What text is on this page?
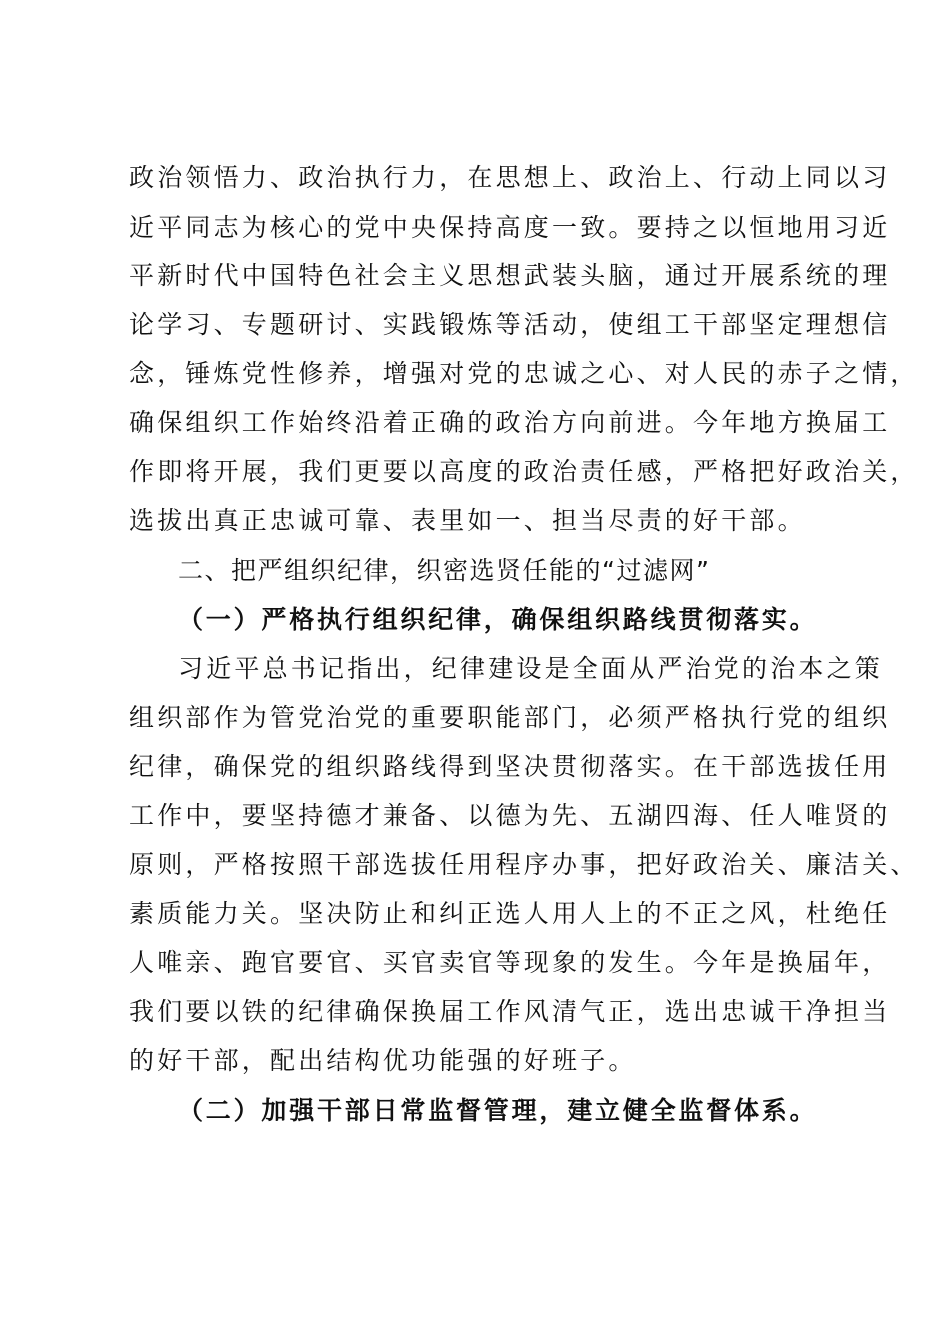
政治领悟力、政治执行力，在思想上、政治上、行动上同以习
近平同志为核心的党中央保持高度一致。要持之以恒地用习近
平新时代中国特色社会主义思想武装头脑，通过开展系统的理
论学习、专题研讨、实践锻炼等活动，使组工干部坚定理想信
念，锤炼党性修养，增强对党的忠诚之心、对人民的赤子之情，
确保组织工作始终沿着正确的政治方向前进。今年地方换届工
作即将开展，我们更要以高度的政治责任感，严格把好政治关，
选拔出真正忠诚可靠、表里如一、担当尽责的好干部。
二、把严组织纪律，织密选贤任能的“过滤网”
（一）严格执行组织纪律，确保组织路线贯彻落实。
习近平总书记指出，纪律建设是全面从严治党的治本之策
组织部作为管党治党的重要职能部门，必须严格执行党的组织
纪律，确保党的组织路线得到坚决贯彻落实。在干部选拔任用
工作中，要坚持德才兼备、以德为先、五湖四海、任人唯贤的
原则，严格按照干部选拔任用程序办事，把好政治关、廉洁关、
素质能力关。坚决防止和纠正选人用人上的不正之风，杜绝任
人唯亲、跑官要官、买官卖官等现象的发生。今年是换届年，
我们要以铁的纪律确保换届工作风清气正，选出忠诚干净担当
的好干部，配出结构优功能强的好班子。
（二）加强干部日常监督管理，建立健全监督体系。
